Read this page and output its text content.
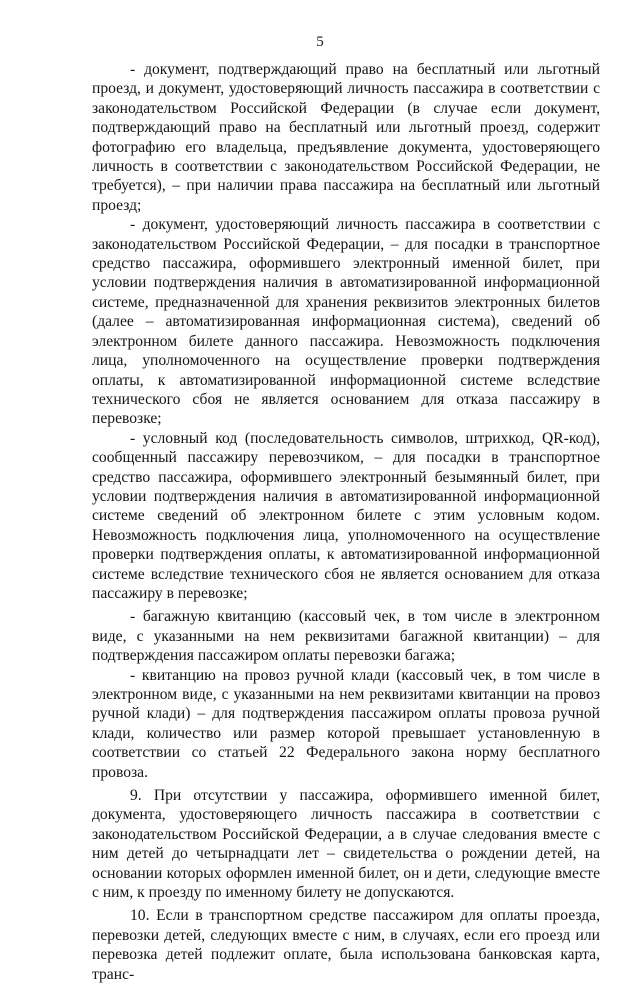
5

- документ, подтверждающий право на бесплатный или льготный проезд, и документ, удостоверяющий личность пассажира в соответствии с законодательством Российской Федерации (в случае если документ, подтверждающий право на бесплатный или льготный проезд, содержит фотографию его владельца, предъявление документа, удостоверяющего личность в соответствии с законодательством Российской Федерации, не требуется), – при наличии права пассажира на бесплатный или льготный проезд;

- документ, удостоверяющий личность пассажира в соответствии с законодательством Российской Федерации, – для посадки в транспортное средство пассажира, оформившего электронный именной билет, при условии подтверждения наличия в автоматизированной информационной системе, предназначенной для хранения реквизитов электронных билетов (далее – автоматизированная информационная система), сведений об электронном билете данного пассажира. Невозможность подключения лица, уполномоченного на осуществление проверки подтверждения оплаты, к автоматизированной информационной системе вследствие технического сбоя не является основанием для отказа пассажиру в перевозке;

- условный код (последовательность символов, штрихкод, QR-код), сообщенный пассажиру перевозчиком, – для посадки в транспортное средство пассажира, оформившего электронный безымянный билет, при условии подтверждения наличия в автоматизированной информационной системе сведений об электронном билете с этим условным кодом. Невозможность подключения лица, уполномоченного на осуществление проверки подтверждения оплаты, к автоматизированной информационной системе вследствие технического сбоя не является основанием для отказа пассажиру в перевозке;

- багажную квитанцию (кассовый чек, в том числе в электронном виде, с указанными на нем реквизитами багажной квитанции) – для подтверждения пассажиром оплаты перевозки багажа;

- квитанцию на провоз ручной клади (кассовый чек, в том числе в электронном виде, с указанными на нем реквизитами квитанции на провоз ручной клади) – для подтверждения пассажиром оплаты провоза ручной клади, количество или размер которой превышает установленную в соответствии со статьей 22 Федерального закона норму бесплатного провоза.

9. При отсутствии у пассажира, оформившего именной билет, документа, удостоверяющего личность пассажира в соответствии с законодательством Российской Федерации, а в случае следования вместе с ним детей до четырнадцати лет – свидетельства о рождении детей, на основании которых оформлен именной билет, он и дети, следующие вместе с ним, к проезду по именному билету не допускаются.

10. Если в транспортном средстве пассажиром для оплаты проезда, перевозки детей, следующих вместе с ним, в случаях, если его проезд или перевозка детей подлежит оплате, была использована банковская карта, транс-
